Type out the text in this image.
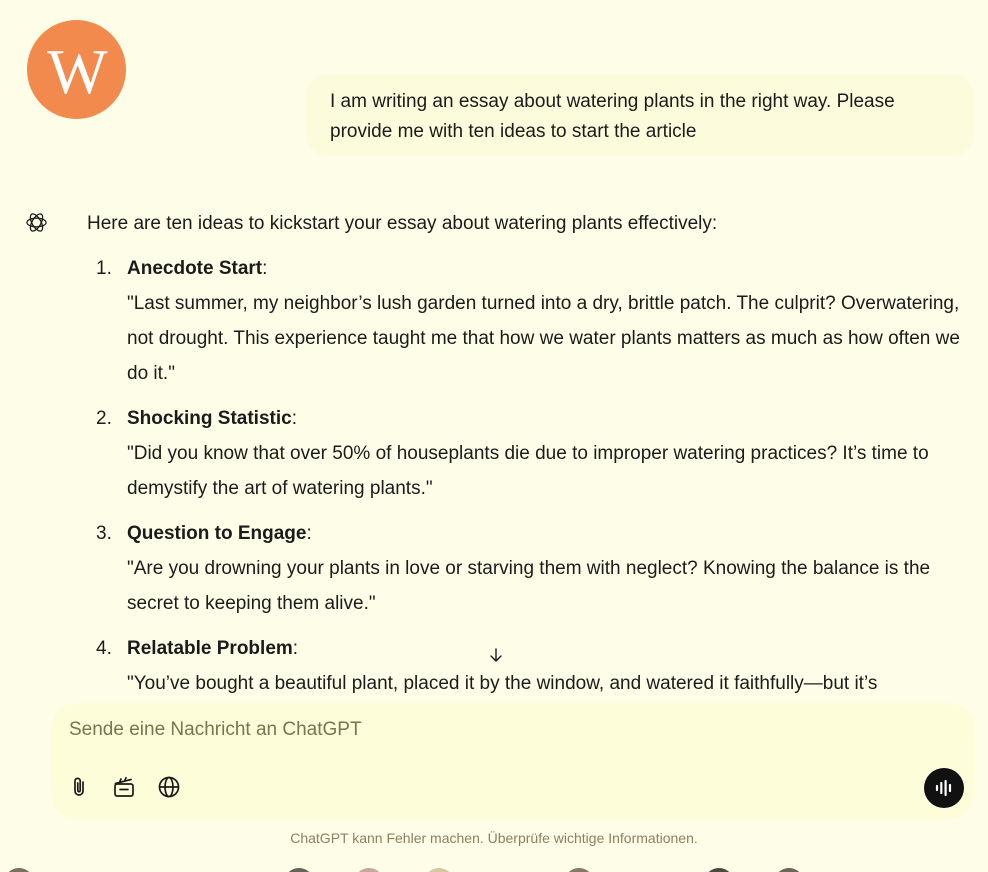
W	I am writing an essay about watering plants in the right way. Please provide me with ten ideas to start the article
Here are ten ideas to kickstart your essay about watering plants effectively:
1. Anecdote Start:
"Last summer, my neighbor’s lush garden turned into a dry, brittle patch. The culprit? Overwatering, not drought. This experience taught me that how we water plants matters as much as how often we do it."
2. Shocking Statistic:
"Did you know that over 50% of houseplants die due to improper watering practices? It’s time to demystify the art of watering plants."
3. Question to Engage:
"Are you drowning your plants in love or starving them with neglect? Knowing the balance is the secret to keeping them alive."
4. Relatable Problem:
"You’ve bought a beautiful plant, placed it by the window, and watered it faithfully—but it’s
Sende eine Nachricht an ChatGPT
ChatGPT kann Fehler machen. Überprüfe wichtige Informationen.
